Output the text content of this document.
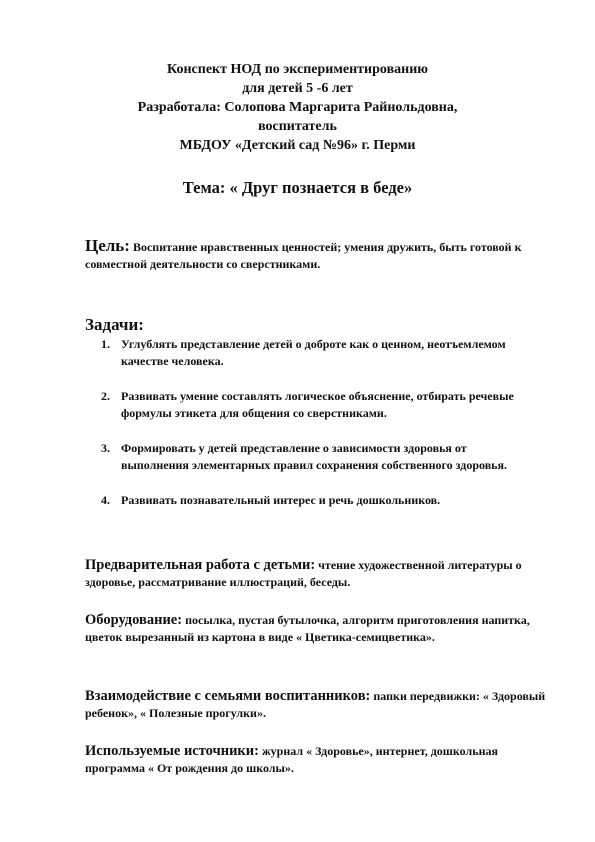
Конспект НОД по экспериментированию
для детей 5 -6 лет
Разработала: Солопова Маргарита Райнольдовна,
воспитатель
МБДОУ «Детский сад №96» г. Перми
Тема: « Друг познается в беде»
Цель: Воспитание нравственных ценностей; умения дружить, быть готовой к совместной деятельности со сверстниками.
Задачи:
1. Углублять представление детей о доброте как о ценном, неотъемлемом качестве человека.
2. Развивать умение составлять логическое объяснение, отбирать речевые формулы этикета для общения со сверстниками.
3. Формировать у детей представление о зависимости здоровья от выполнения элементарных правил сохранения собственного здоровья.
4. Развивать познавательный интерес и речь дошкольников.
Предварительная работа с детьми: чтение художественной литературы о здоровье, рассматривание иллюстраций, беседы.
Оборудование: посылка, пустая бутылочка, алгоритм приготовления напитка, цветок вырезанный из картона в виде « Цветика-семицветика».
Взаимодействие с семьями воспитанников: папки передвижки: « Здоровый ребенок», « Полезные прогулки».
Используемые источники: журнал « Здоровье», интернет, дошкольная программа « От рождения до школы».
